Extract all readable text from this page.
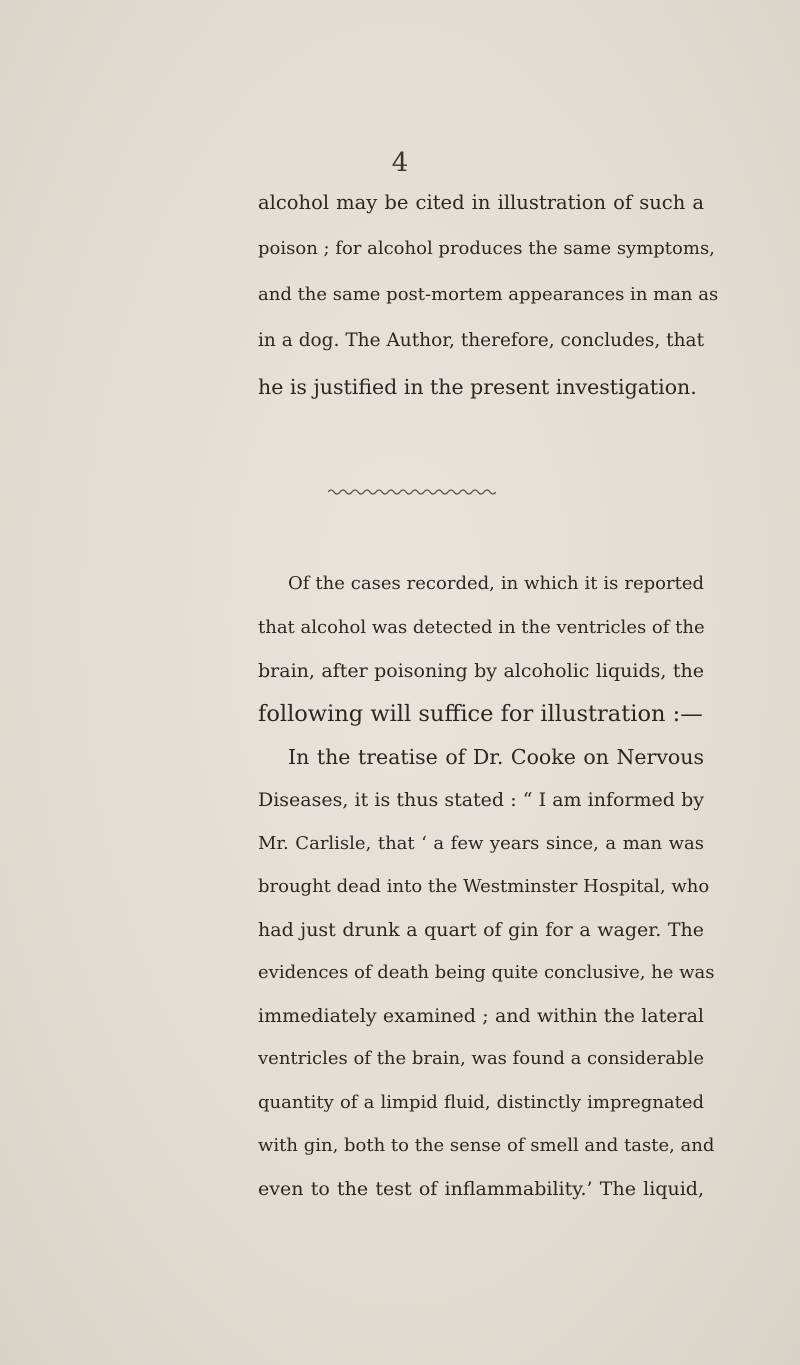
4
alcohol may be cited in illustration of such a
poison ; for alcohol produces the same symptoms,
and the same post-mortem appearances in man as
in a dog. The Author, therefore, concludes, that
he is justified in the present investigation.
Of the cases recorded, in which it is reported
that alcohol was detected in the ventricles of the
brain, after poisoning by alcoholic liquids, the
following will suffice for illustration :—
In the treatise of Dr. Cooke on Nervous
Diseases, it is thus stated : “ I am informed by
Mr. Carlisle, that ‘ a few years since, a man was
brought dead into the Westminster Hospital, who
had just drunk a quart of gin for a wager. The
evidences of death being quite conclusive, he was
immediately examined ; and within the lateral
ventricles of the brain, was found a considerable
quantity of a limpid fluid, distinctly impregnated
with gin, both to the sense of smell and taste, and
even to the test of inflammability.’ The liquid,
